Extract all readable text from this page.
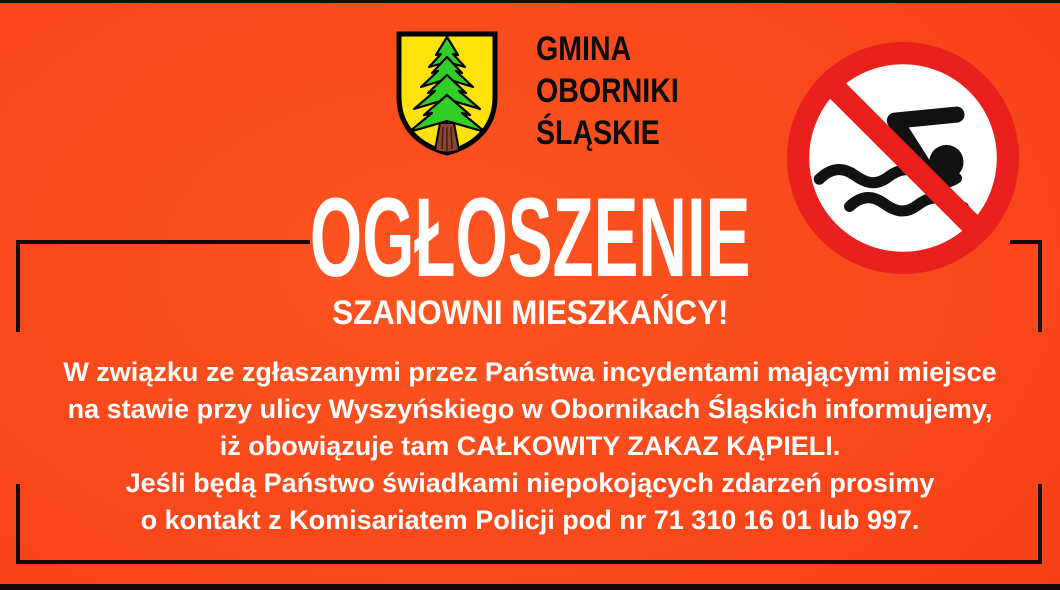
GMINA
OBORNIKI
ŚLĄSKIE
OGŁOSZENIE
SZANOWNI MIESZKAŃCY!
W związku ze zgłaszanymi przez Państwa incydentami mającymi miejsce
na stawie przy ulicy Wyszyńskiego w Obornikach Śląskich informujemy,
iż obowiązuje tam CAŁKOWITY ZAKAZ KĄPIELI.
Jeśli będą Państwo świadkami niepokojących zdarzeń prosimy
o kontakt z Komisariatem Policji pod nr 71 310 16 01 lub 997.
